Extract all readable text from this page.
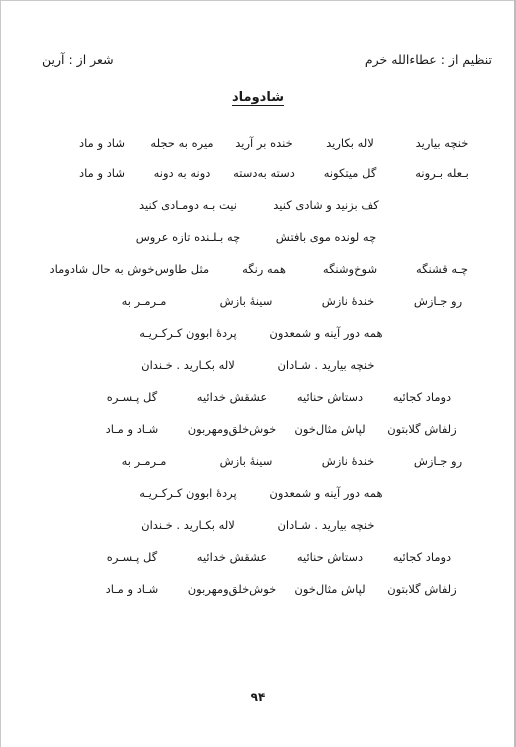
تنظیم از : عطاءالله خرم
شعر از : آرین
شادوماد
خنچه بیارید
لاله بکارید
خنده بر آرید
میره به حجله
شاد و ماد
بـعله بـرونه
گل میتکونه
دسته به‌دسته
دونه به دونه
شاد و ماد
کف بزنید و شادی کنید
نیت بـه دومـادی کنید
چه لونده موی بافتش
چه بـلـنده تازه عروس
چـه قشنگه
شوخ‌وشنگه
همه رنگه
مثل طاوس
خوش به حال شادوماد
رو جـازش
خندهٔ نازش
سینهٔ بازش
مـرمـر به
همه دور آینه و شمعدون
پردهٔ ابوون کـرکـریـه
خنچه بیارید . شـادان
لاله بکـارید . خـندان
دوماد کجائیه
دستاش حنائیه
عشقش خدائیه
گل پـسـره
زلفاش گلابتون
لپاش مثال‌خون
خوش‌خلق‌ومهربون
شـاد و مـاد
رو جـازش
خندهٔ نازش
سینهٔ بازش
مـرمـر به
همه دور آینه و شمعدون
پردهٔ ابوون کـرکـریـه
خنچه بیارید . شـادان
لاله بکـارید . خـندان
دوماد کجائیه
دستاش حنائیه
عشقش خدائیه
گل پـسـره
زلفاش گلابتون
لپاش مثال‌خون
خوش‌خلق‌ومهربون
شـاد و مـاد
۹۴
